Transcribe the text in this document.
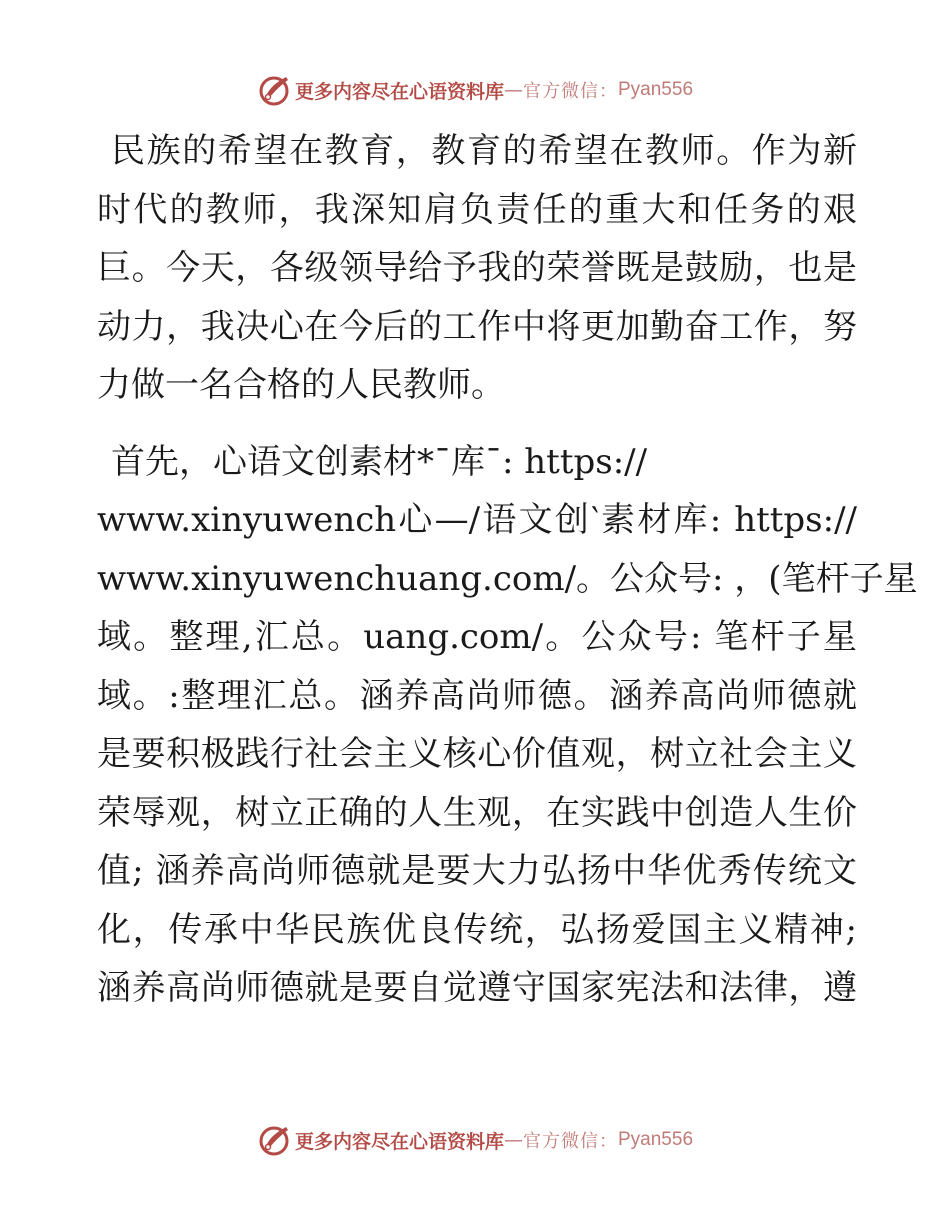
更多内容尽在心语资料库 — 官方微信： Pyan556

民族的希望在教育，教育的希望在教师。作为新
时代的教师，我深知肩负责任的重大和任务的艰
巨。今天，各级领导给予我的荣誉既是鼓励，也是
动力，我决心在今后的工作中将更加勤奋工作，努
力做一名合格的人民教师。

首先，心语文创素材*¯库¯: https://
www.xinyuwench心—/语文创‵素材库: https://
www.xinyuwenchuang.com/。公众号: ，(笔杆子星
域。整理,汇总。uang.com/。公众号: 笔杆子星
域。:整理汇总。涵养高尚师德。涵养高尚师德就
是要积极践行社会主义核心价值观，树立社会主义
荣辱观，树立正确的人生观，在实践中创造人生价
值; 涵养高尚师德就是要大力弘扬中华优秀传统文
化，传承中华民族优良传统，弘扬爱国主义精神;
涵养高尚师德就是要自觉遵守国家宪法和法律，遵

更多内容尽在心语资料库 — 官方微信： Pyan556
